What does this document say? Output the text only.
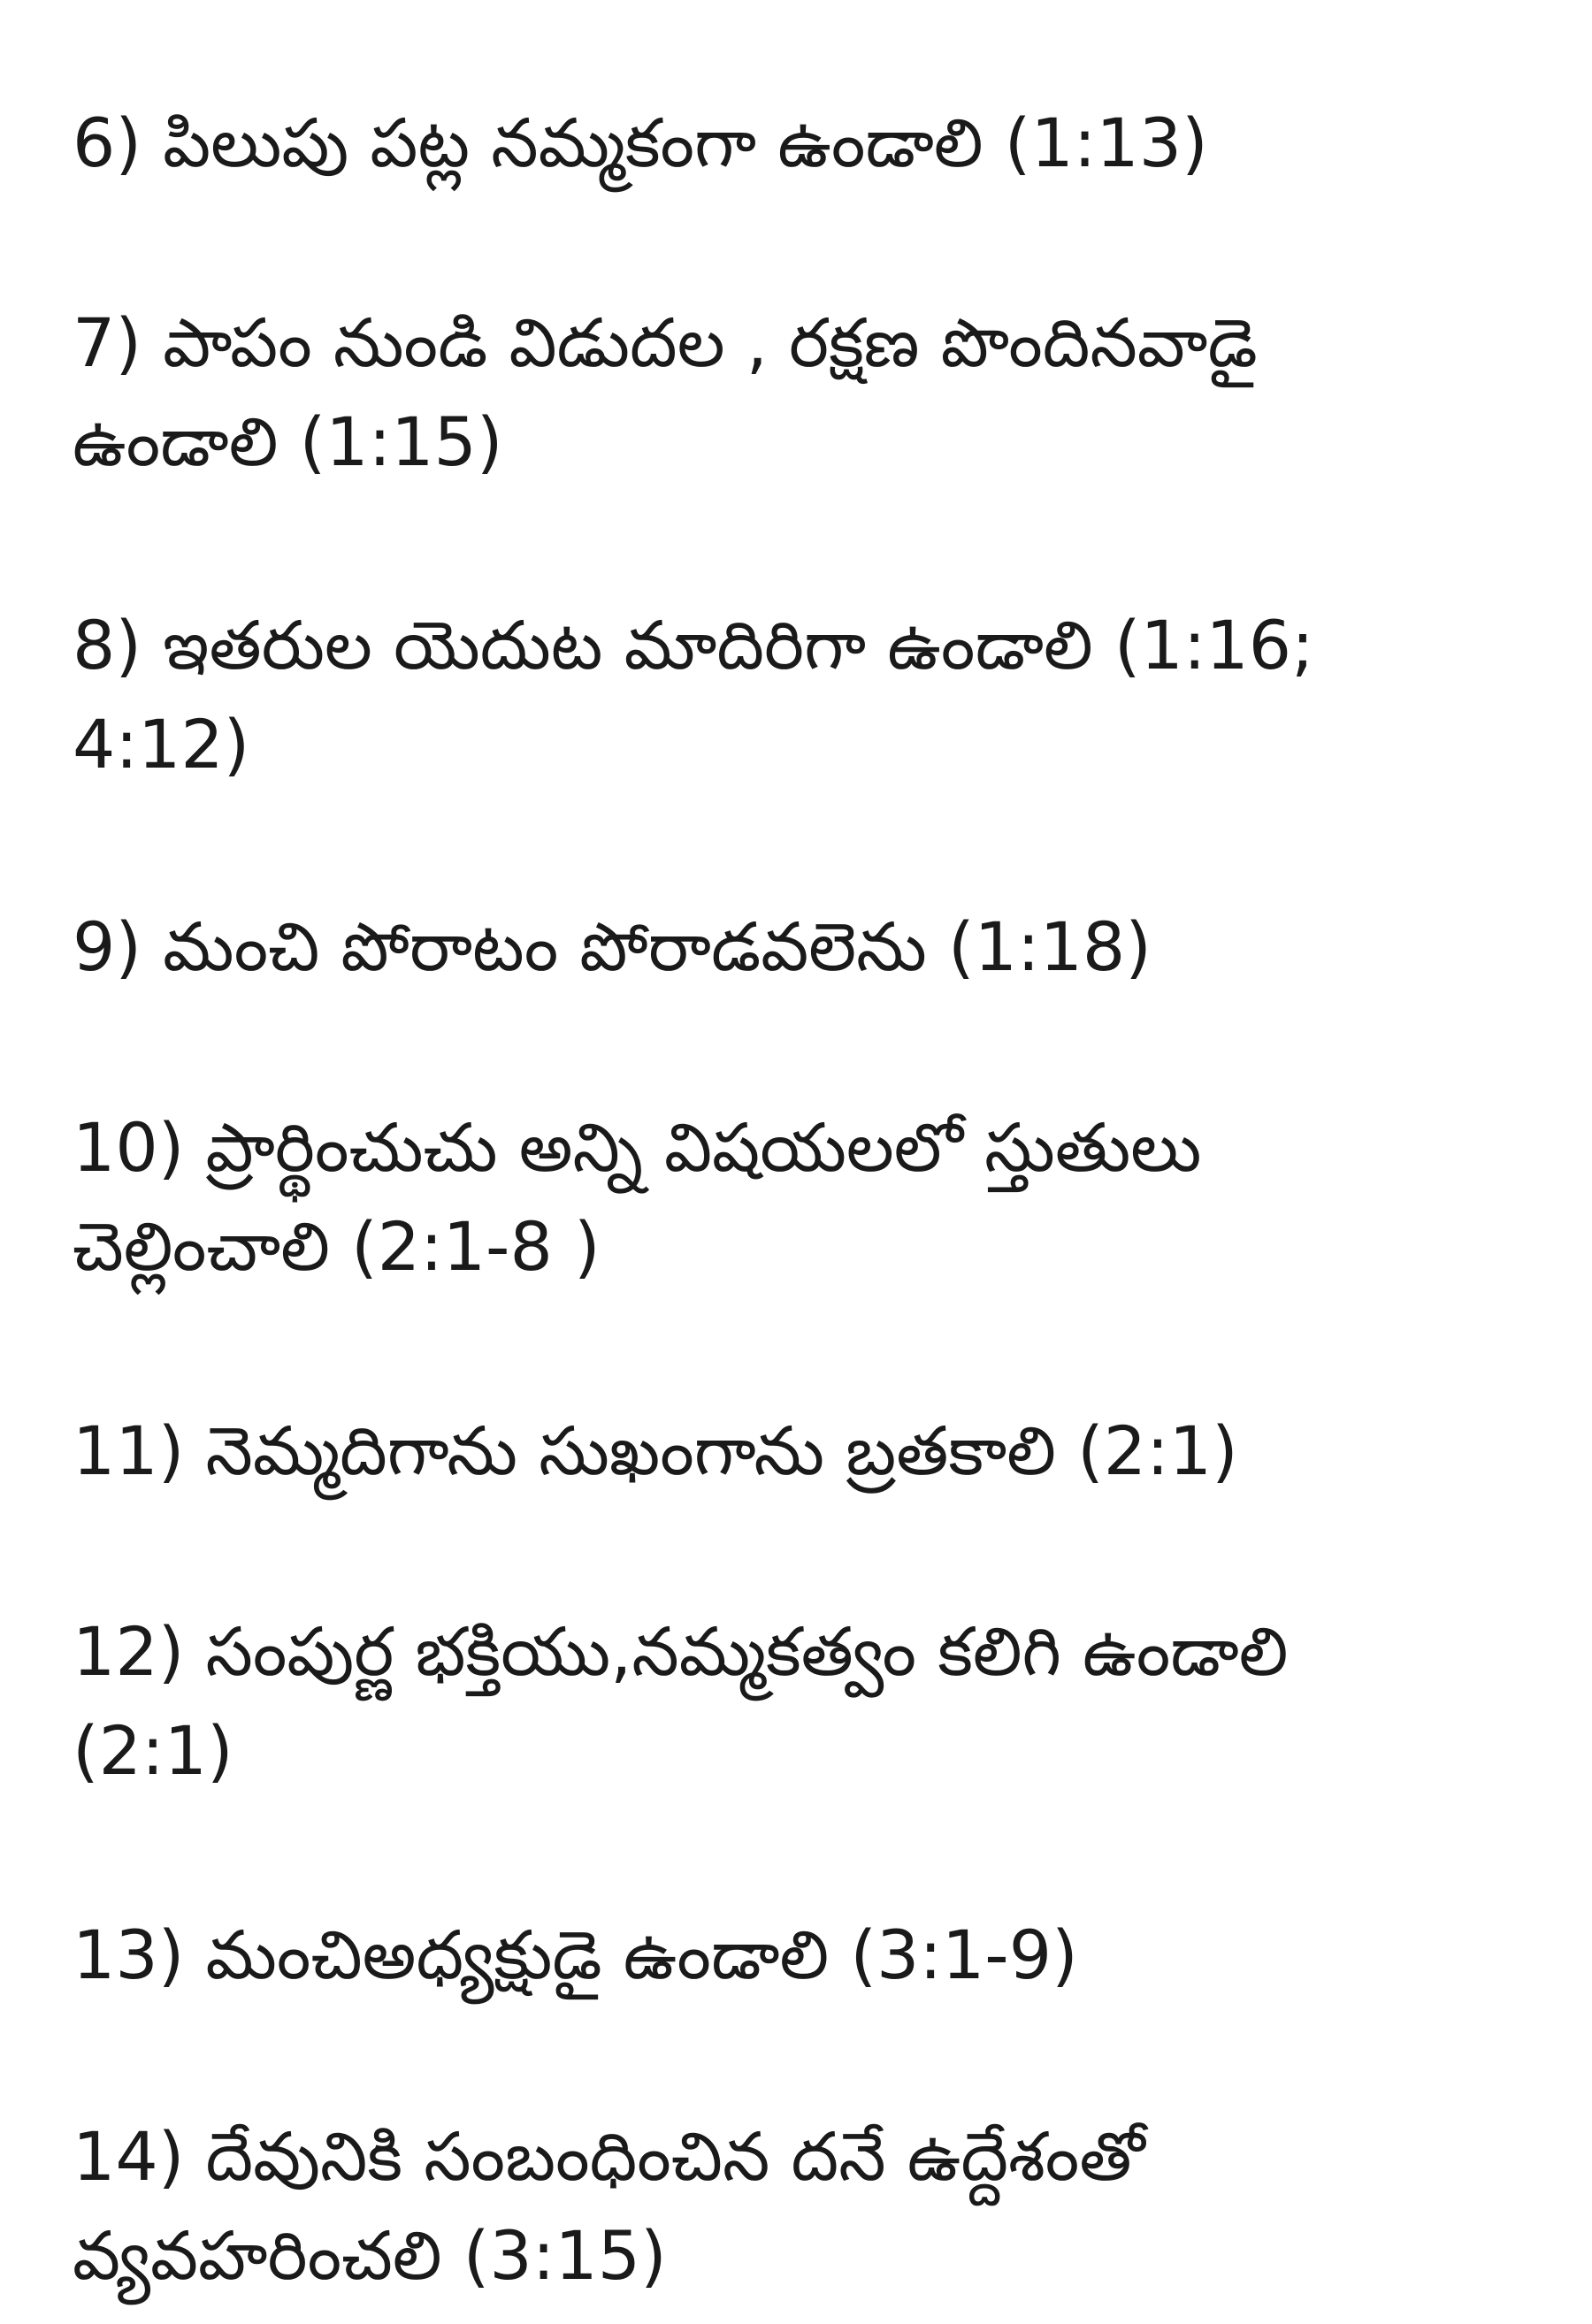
6) పిలుపు పట్ల నమ్మకంగా ఉండాలి (1:13)

7) పాపం నుండి విడుదల , రక్షణ పొందినవాడై
ఉండాలి (1:15)

8) ఇతరుల యెదుట మాదిరిగా ఉండాలి (1:16;
4:12)

9) మంచి పోరాటం పోరాడవలెను (1:18)

10) ప్రార్థించుచు అన్ని విషయలలో స్తుతులు
చెల్లించాలి (2:1-8 )

11) నెమ్మదిగాను సుఖంగాను బ్రతకాలి (2:1)

12) సంపుర్ణ భక్తియు,నమ్మకత్వం కలిగి ఉండాలి
(2:1)

13) మంచిఅధ్యక్షుడై ఉండాలి (3:1-9)

14) దేవునికి సంబంధించిన దనే ఉద్దేశంతో
వ్యవహరించలి (3:15)
